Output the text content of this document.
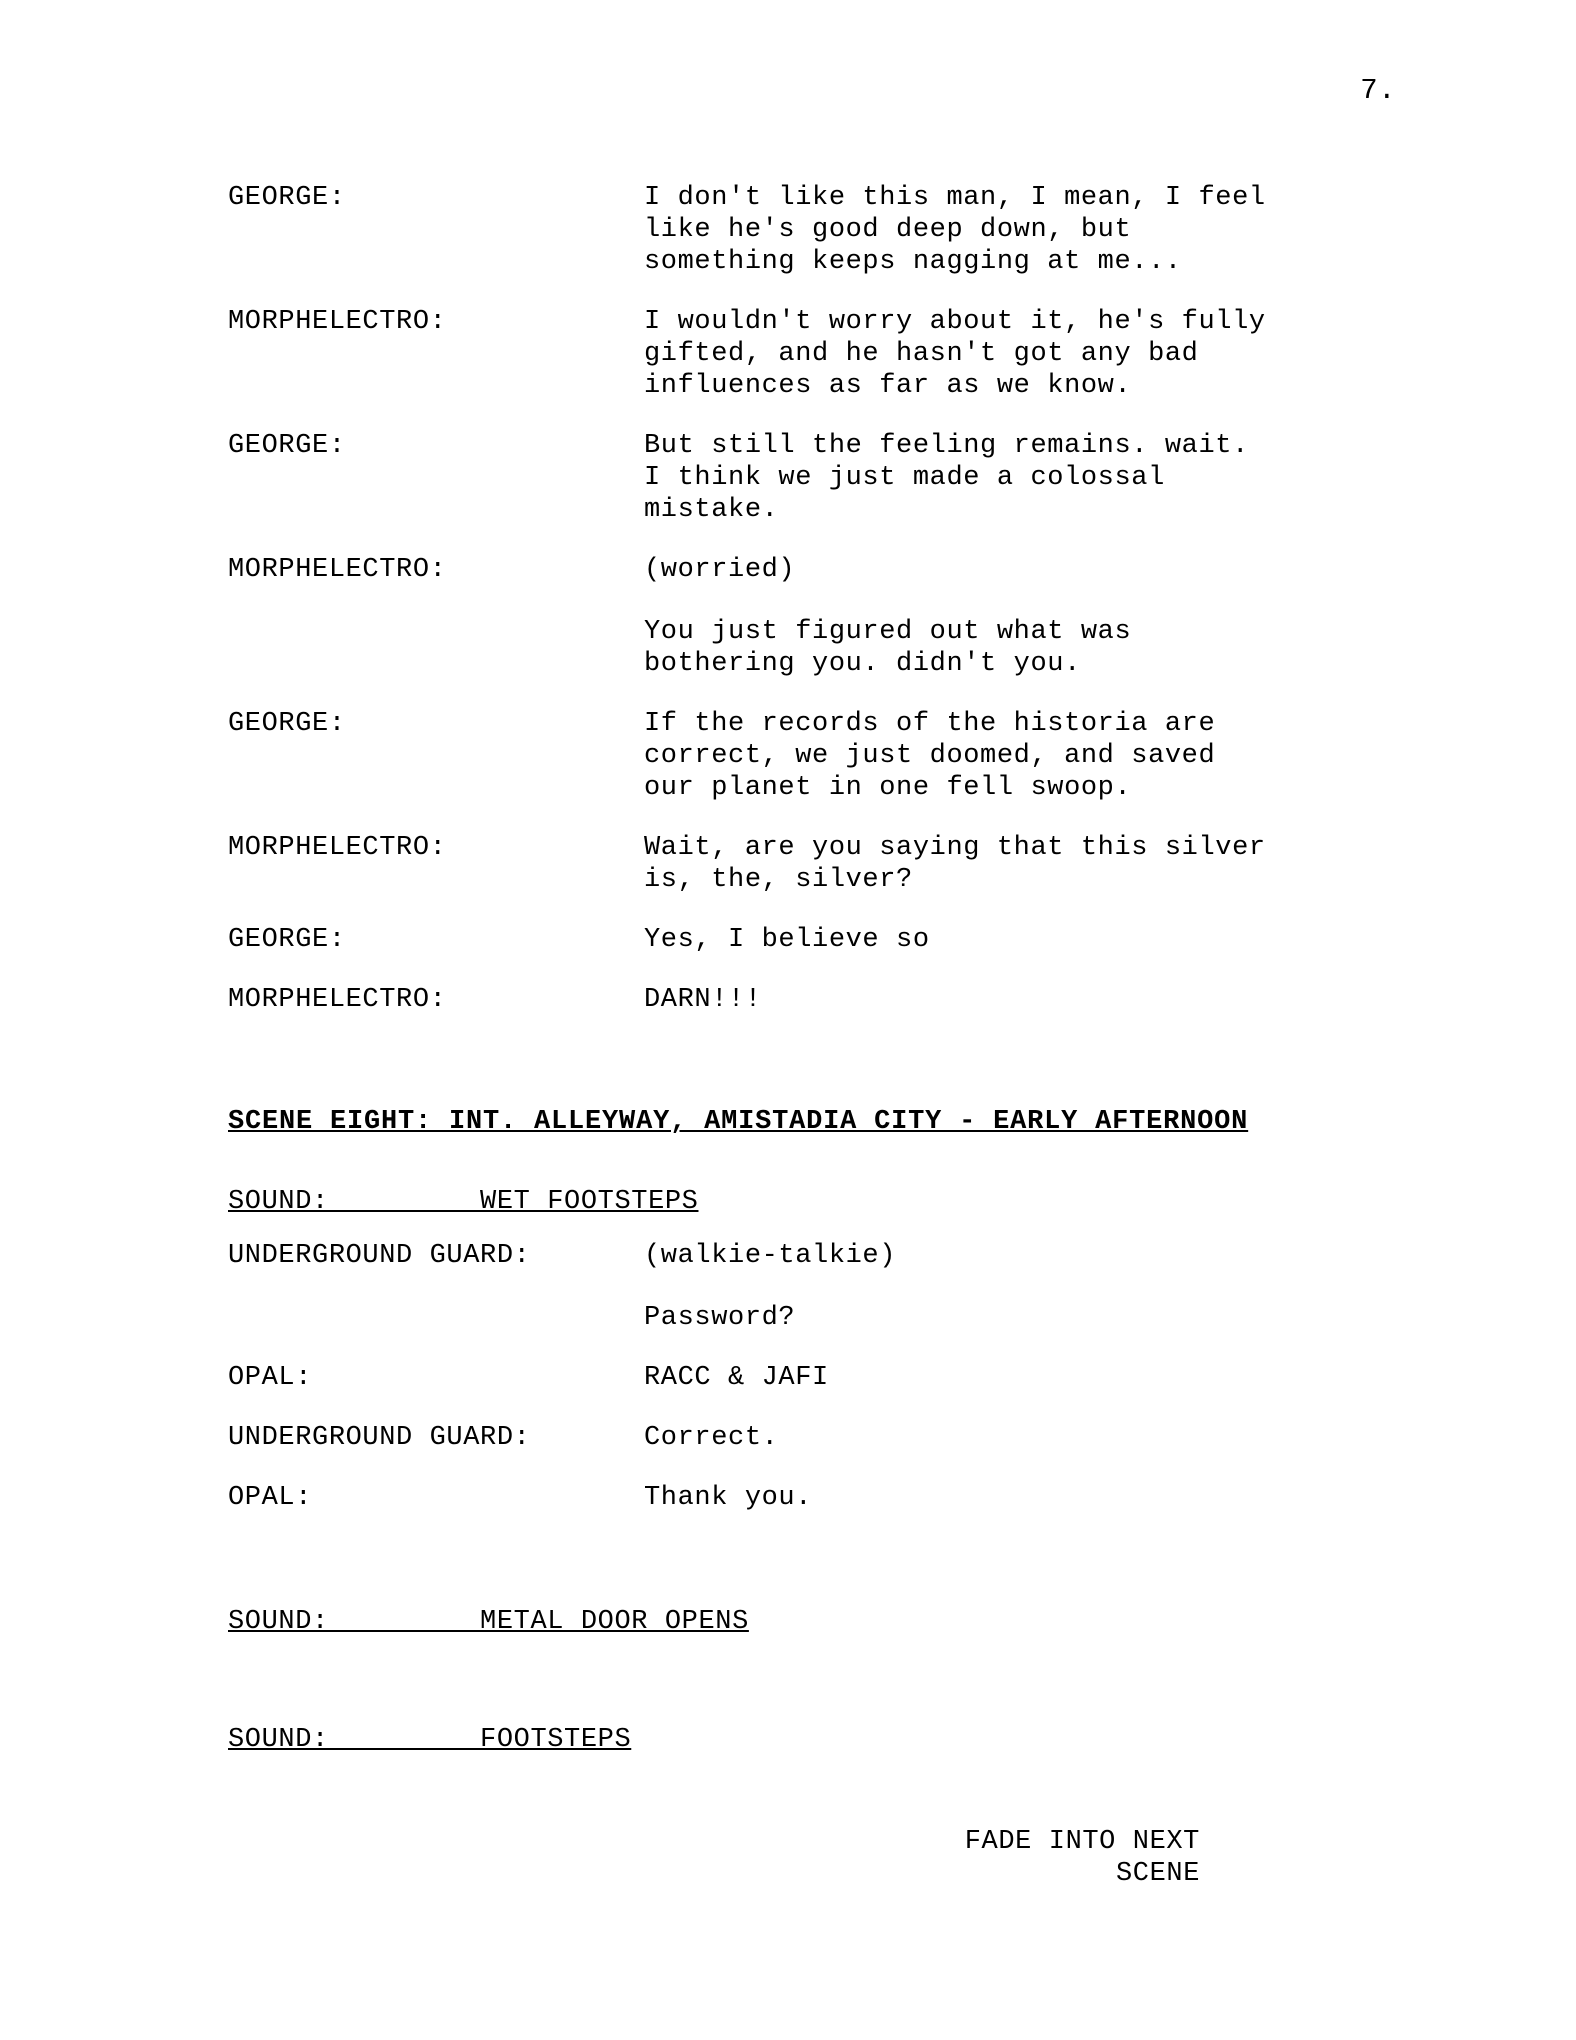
7.
GEORGE:	I don't like this man, I mean, I feel
like he's good deep down, but
something keeps nagging at me...
MORPHELECTRO:	I wouldn't worry about it, he's fully
gifted, and he hasn't got any bad
influences as far as we know.
GEORGE:	But still the feeling remains. wait.
I think we just made a colossal
mistake.
MORPHELECTRO:	(worried)
You just figured out what was
bothering you. didn't you.
GEORGE:	If the records of the historia are
correct, we just doomed, and saved
our planet in one fell swoop.
MORPHELECTRO:	Wait, are you saying that this silver
is, the, silver?
GEORGE:	Yes, I believe so
MORPHELECTRO:	DARN!!!
SCENE EIGHT: INT. ALLEYWAY, AMISTADIA CITY - EARLY AFTERNOON
SOUND:         WET FOOTSTEPS
UNDERGROUND GUARD:	(walkie-talkie)
Password?
OPAL:	RACC & JAFI
UNDERGROUND GUARD:	Correct.
OPAL:	Thank you.
SOUND:         METAL DOOR OPENS
SOUND:         FOOTSTEPS
FADE INTO NEXT
SCENE
